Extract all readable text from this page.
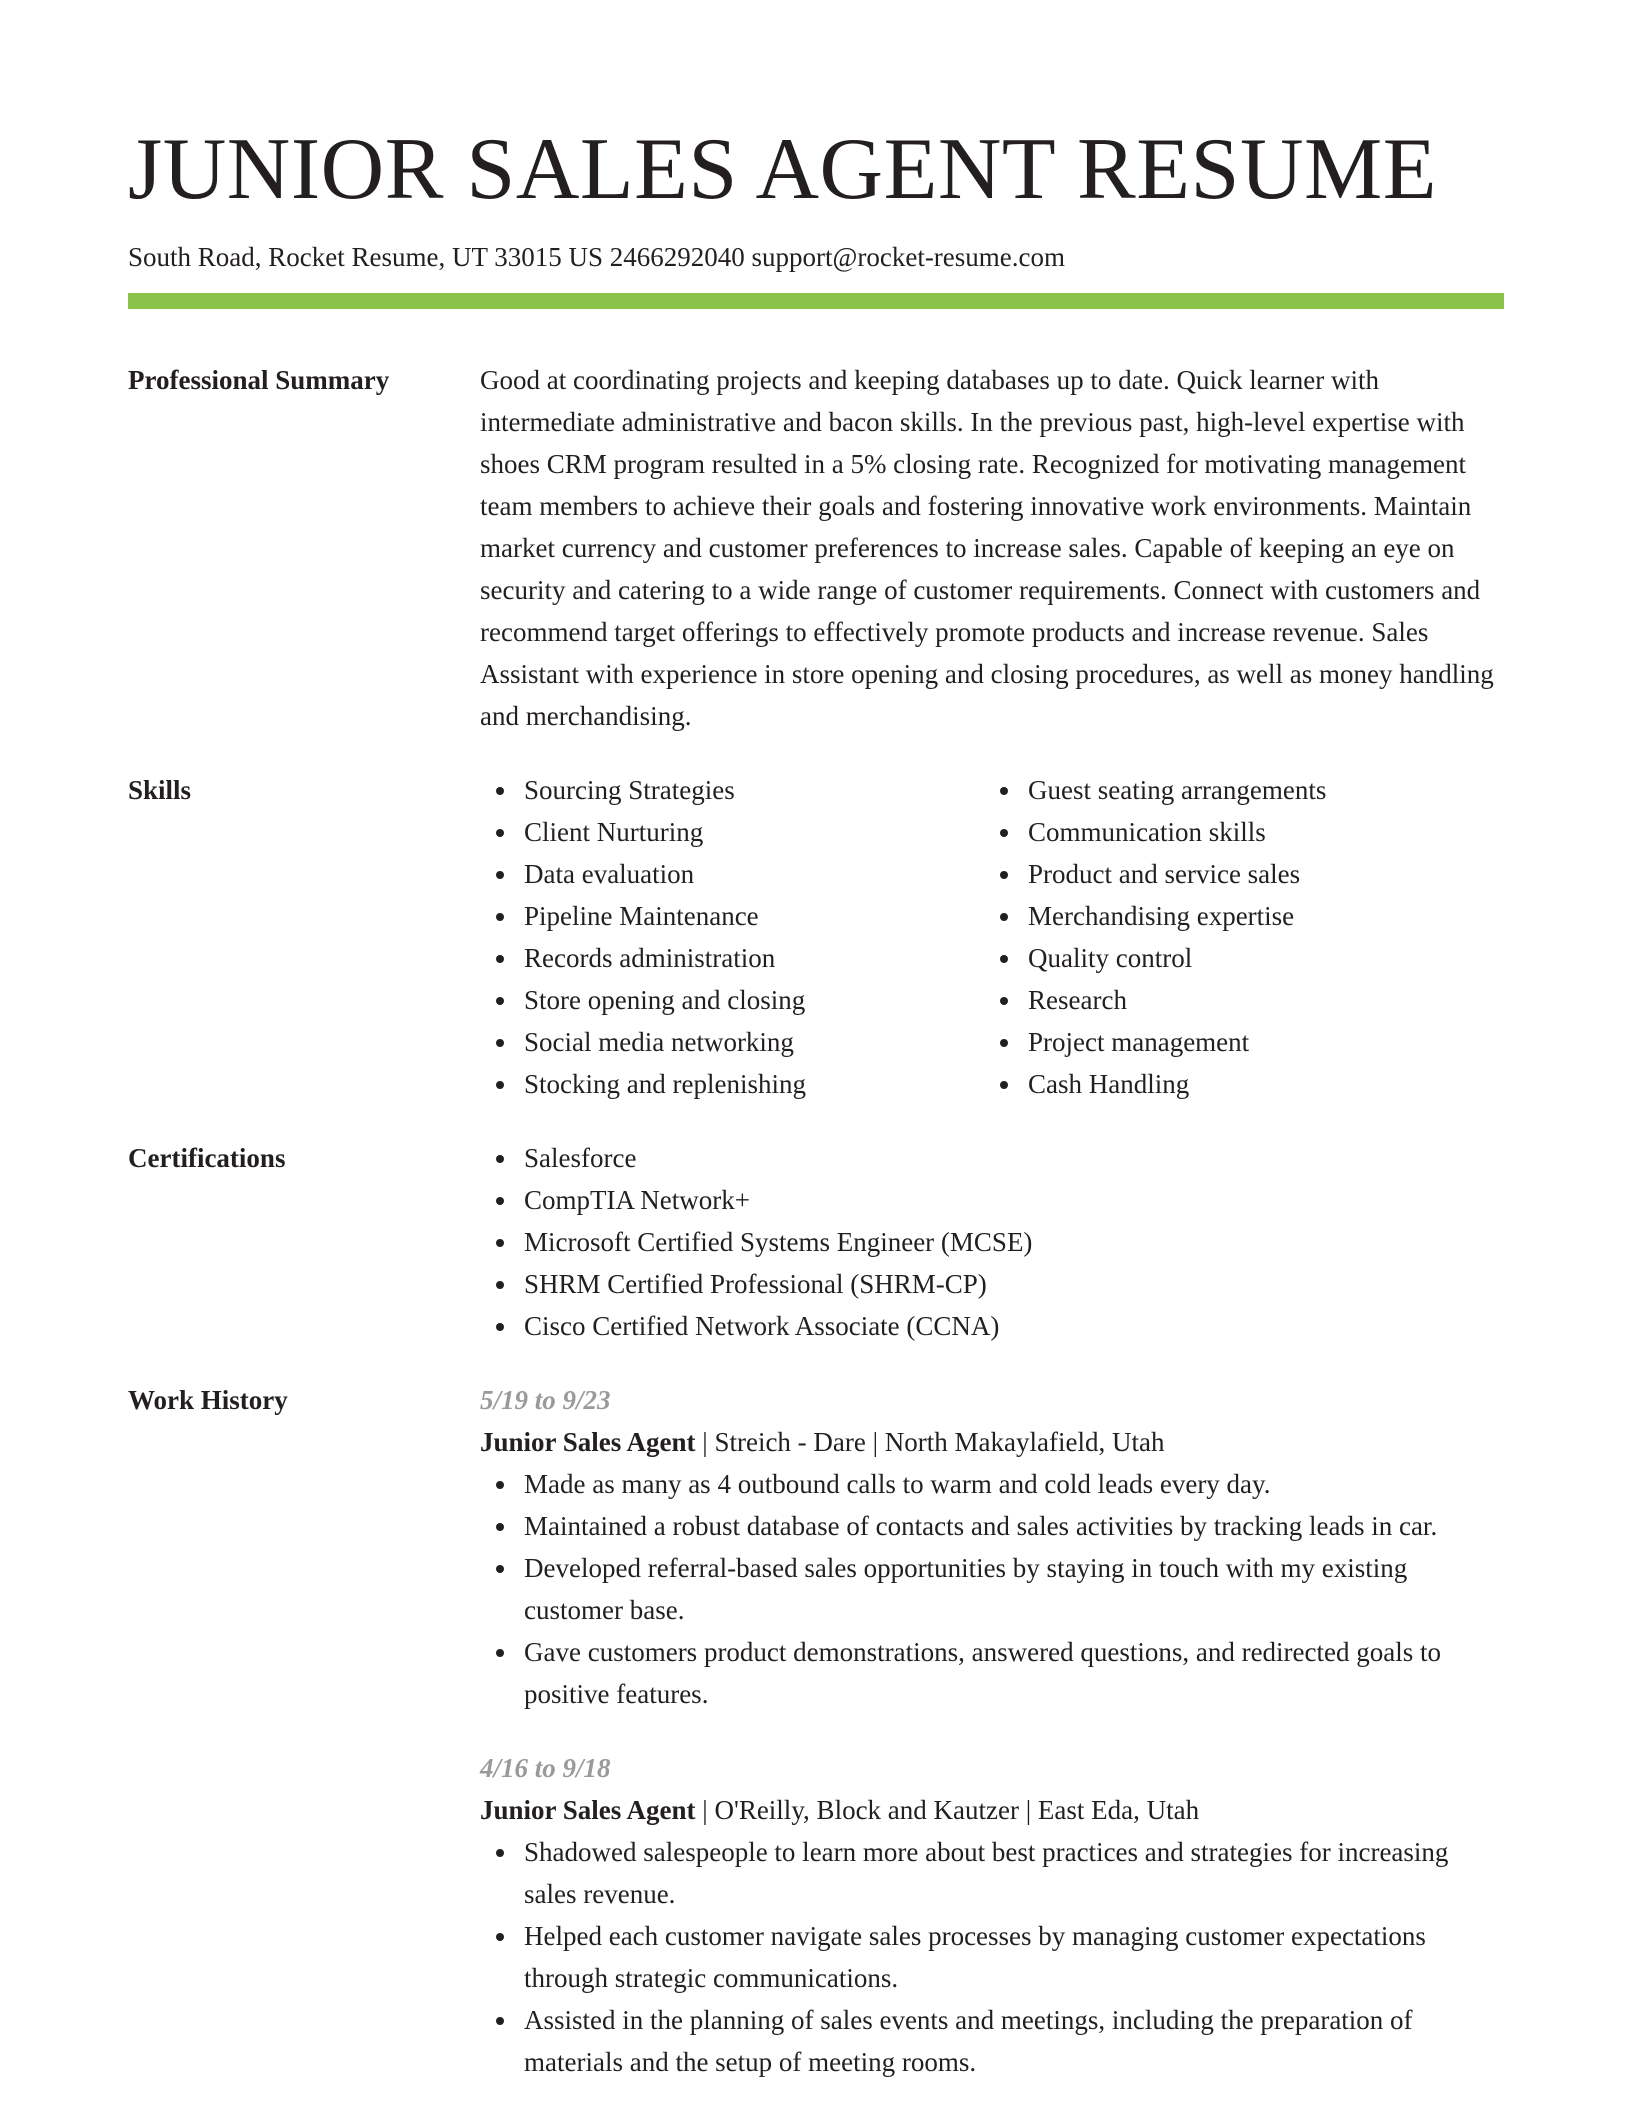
JUNIOR SALES AGENT RESUME
South Road, Rocket Resume, UT 33015 US 2466292040 support@rocket-resume.com
Professional Summary	Good at coordinating projects and keeping databases up to date. Quick learner with intermediate administrative and bacon skills. In the previous past, high-level expertise with shoes CRM program resulted in a 5% closing rate. Recognized for motivating management team members to achieve their goals and fostering innovative work environments. Maintain market currency and customer preferences to increase sales. Capable of keeping an eye on security and catering to a wide range of customer requirements. Connect with customers and recommend target offerings to effectively promote products and increase revenue. Sales Assistant with experience in store opening and closing procedures, as well as money handling and merchandising.

Skills	Sourcing Strategies
Client Nurturing
Data evaluation
Pipeline Maintenance
Records administration
Store opening and closing
Social media networking
Stocking and replenishing
Guest seating arrangements
Communication skills
Product and service sales
Merchandising expertise
Quality control
Research
Project management
Cash Handling
Certifications	Salesforce
CompTIA Network+
Microsoft Certified Systems Engineer (MCSE)
SHRM Certified Professional (SHRM-CP)
Cisco Certified Network Associate (CCNA)
Work History	5/19 to 9/23
Junior Sales Agent | Streich - Dare | North Makaylafield, Utah
Made as many as 4 outbound calls to warm and cold leads every day.
Maintained a robust database of contacts and sales activities by tracking leads in car.
Developed referral-based sales opportunities by staying in touch with my existing customer base.
Gave customers product demonstrations, answered questions, and redirected goals to positive features.
4/16 to 9/18
Junior Sales Agent | O'Reilly, Block and Kautzer | East Eda, Utah
Shadowed salespeople to learn more about best practices and strategies for increasing sales revenue.
Helped each customer navigate sales processes by managing customer expectations through strategic communications.
Assisted in the planning of sales events and meetings, including the preparation of materials and the setup of meeting rooms.
